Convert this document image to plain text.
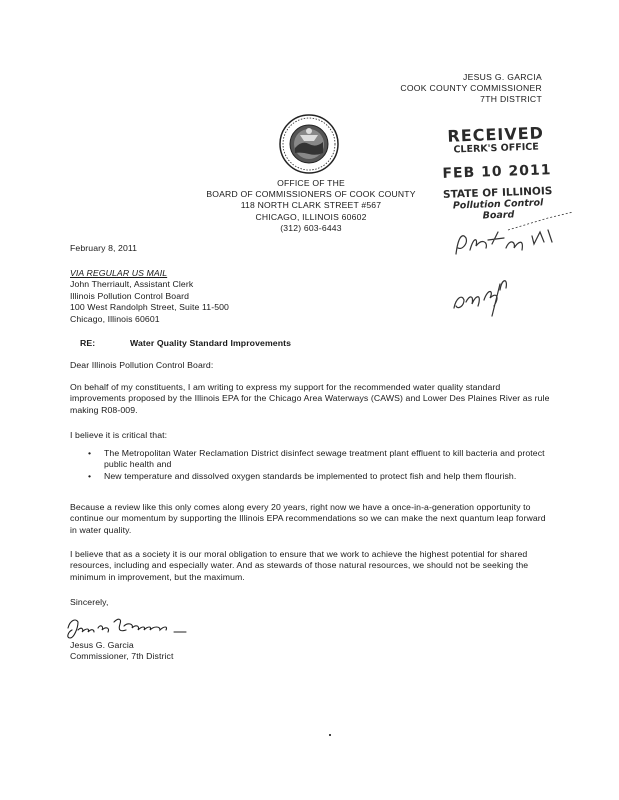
JESUS G. GARCIA
COOK COUNTY COMMISSIONER
7TH DISTRICT
OFFICE OF THE
BOARD OF COMMISSIONERS OF COOK COUNTY
118 NORTH CLARK STREET #567
CHICAGO, ILLINOIS 60602
(312) 603-6443
RECEIVED
CLERK'S OFFICE
FEB 10 2011
STATE OF ILLINOIS
Pollution Control Board
February 8, 2011
VIA REGULAR US MAIL
John Therriault, Assistant Clerk
Illinois Pollution Control Board
100 West Randolph Street, Suite 11-500
Chicago, Illinois 60601
RE:	Water Quality Standard Improvements
Dear Illinois Pollution Control Board:

On behalf of my constituents, I am writing to express my support for the recommended water quality standard improvements proposed by the Illinois EPA for the Chicago Area Waterways (CAWS) and Lower Des Plaines River as rule making R08-009.

I believe it is critical that:

• The Metropolitan Water Reclamation District disinfect sewage treatment plant effluent to kill bacteria and protect public health and
• New temperature and dissolved oxygen standards be implemented to protect fish and help them flourish.

Because a review like this only comes along every 20 years, right now we have a once-in-a-generation opportunity to continue our momentum by supporting the Illinois EPA recommendations so we can make the next quantum leap forward in water quality.

I believe that as a society it is our moral obligation to ensure that we work to achieve the highest potential for shared resources, including and especially water. And as stewards of those natural resources, we should not be seeking the minimum in improvement, but the maximum.

Sincerely,
Jesus G. Garcia
Commissioner, 7th District
